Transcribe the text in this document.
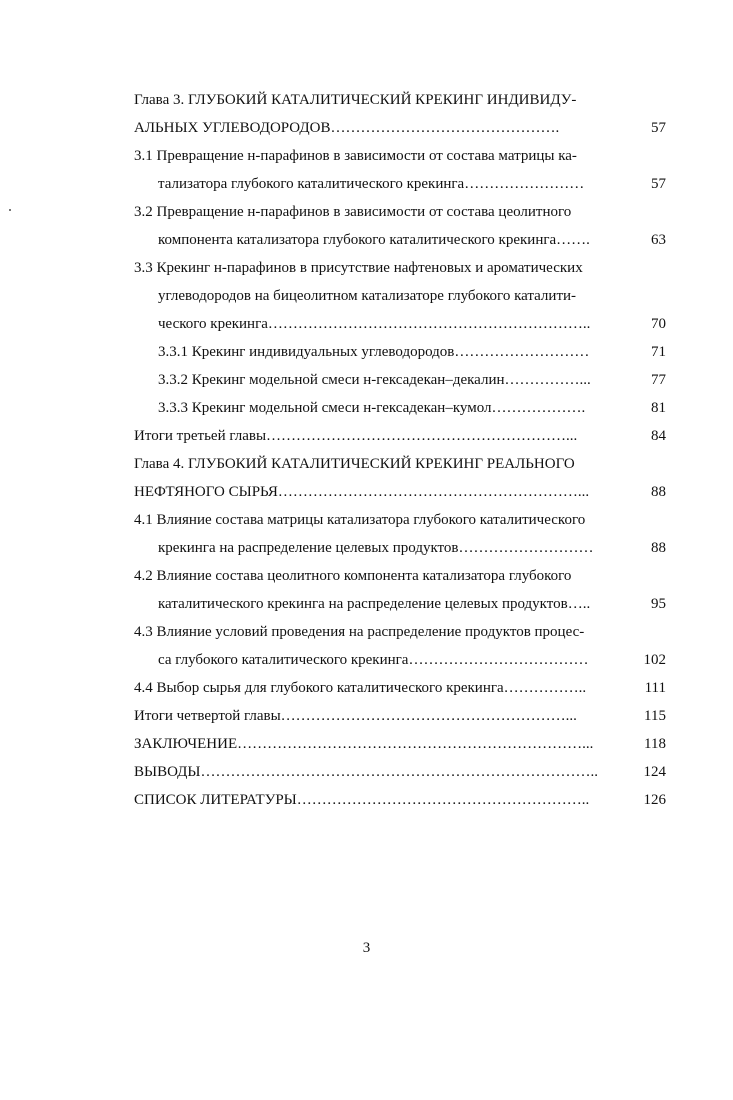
Глава 3. ГЛУБОКИЙ КАТАЛИТИЧЕСКИЙ КРЕКИНГ ИНДИВИДУ-
АЛЬНЫХ УГЛЕВОДОРОДОВ……………………………………….	57
3.1 Превращение н-парафинов в зависимости от состава матрицы ка-
тализатора глубокого каталитического крекинга……………………	57
3.2 Превращение н-парафинов в зависимости от состава цеолитного
компонента катализатора глубокого каталитического крекинга…….	63
3.3 Крекинг н-парафинов в присутствие нафтеновых и ароматических
углеводородов на бицеолитном катализаторе глубокого каталити-
ческого крекинга………………………………………………………..	70
3.3.1 Крекинг индивидуальных углеводородов………………………	71
3.3.2 Крекинг модельной смеси н-гексадекан–декалин……………...	77
3.3.3 Крекинг модельной смеси н-гексадекан–кумол……………….	81
Итоги третьей главы……………………………………………………...	84
Глава 4. ГЛУБОКИЙ КАТАЛИТИЧЕСКИЙ КРЕКИНГ РЕАЛЬНОГО
НЕФТЯНОГО СЫРЬЯ……………………………………………………...	88
4.1 Влияние состава матрицы катализатора глубокого каталитического
крекинга на распределение целевых продуктов………………………	88
4.2 Влияние состава цеолитного компонента катализатора глубокого
каталитического крекинга на распределение целевых продуктов…..	95
4.3 Влияние условий проведения на распределение продуктов процес-
са глубокого каталитического крекинга………………………………	102
4.4 Выбор сырья для глубокого каталитического крекинга……………..	111
Итоги четвертой главы…………………………………………………...	115
ЗАКЛЮЧЕНИЕ……………………………………………………………...	118
ВЫВОДЫ……………………………………………………………………..	124
СПИСОК ЛИТЕРАТУРЫ…………………………………………………..	126
3
